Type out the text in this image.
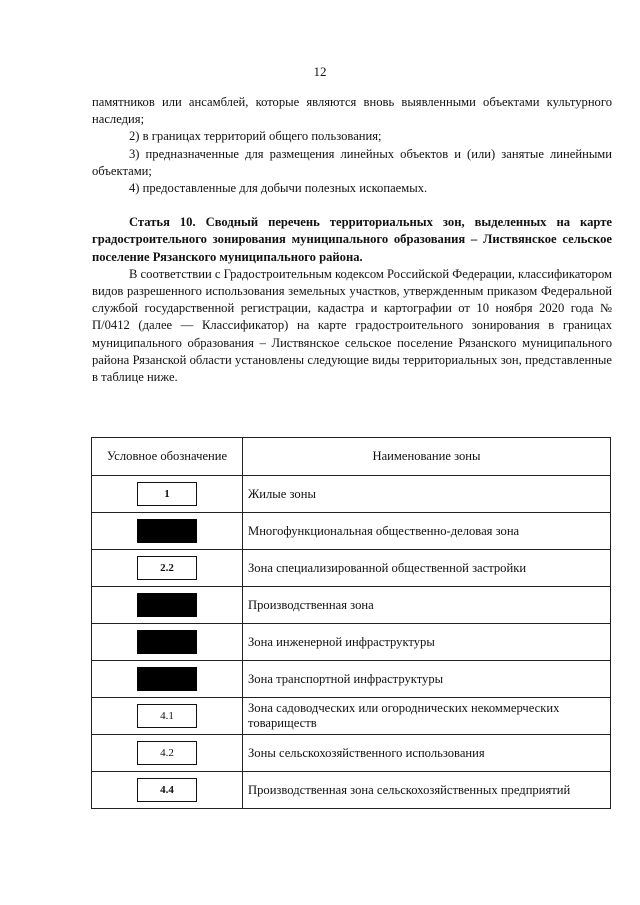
12

памятников или ансамблей, которые являются вновь выявленными объектами культурного наследия;

2) в границах территорий общего пользования;

3) предназначенные для размещения линейных объектов и (или) занятые линейными объектами;

4) предоставленные для добычи полезных ископаемых.

Статья 10. Сводный перечень территориальных зон, выделенных на карте градостроительного зонирования муниципального образования – Листвянское сельское поселение Рязанского муниципального района.

В соответствии с Градостроительным кодексом Российской Федерации, классификатором видов разрешенного использования земельных участков, утвержденным приказом Федеральной службой государственной регистрации, кадастра и картографии от 10 ноября 2020 года № П/0412 (далее — Классификатор) на карте градостроительного зонирования в границах муниципального образования – Листвянское сельское поселение Рязанского муниципального района Рязанской области установлены следующие виды территориальных зон, представленные в таблице ниже.

Условное обозначение	Наименование зоны
1	Жилые зоны
	Многофункциональная общественно-деловая зона
2.2	Зона специализированной общественной застройки
	Производственная зона
	Зона инженерной инфраструктуры
	Зона транспортной инфраструктуры
4.1	Зона садоводческих или огороднических некоммерческих товариществ
4.2	Зоны сельскохозяйственного использования
4.4	Производственная зона сельскохозяйственных предприятий
